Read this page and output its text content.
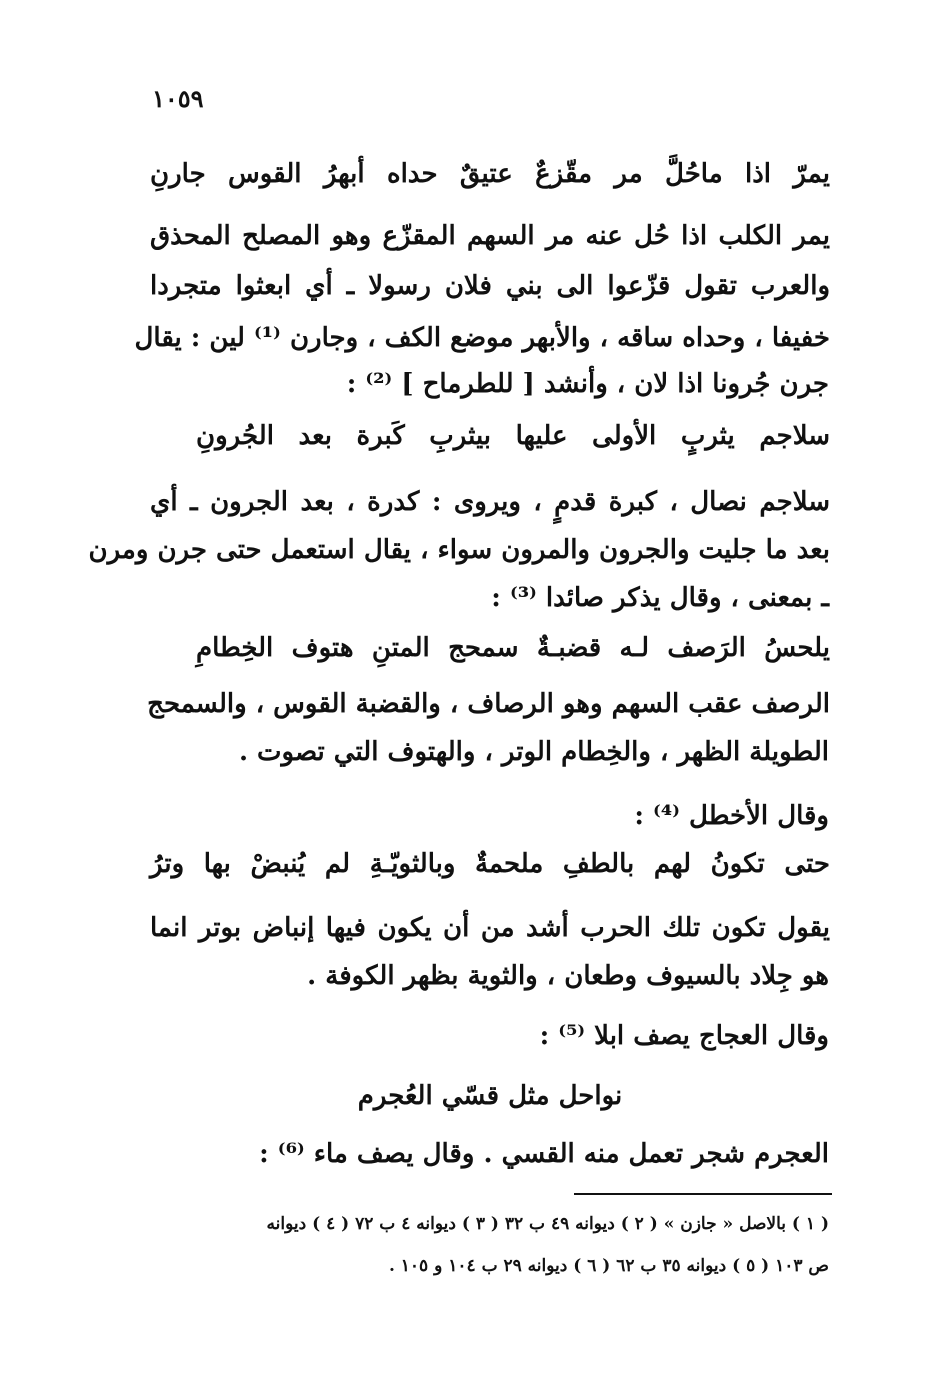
١٠٥٩
يمرّ اذا ماحُلَّ مر مقّزعٌ عتيقٌ حداه أبهرُ القوس جارنِ
يمر الكلب اذا حُل عنه مر السهم المقزّع وهو المصلح المحذق
والعرب تقول قزّعوا الى بني فلان رسولا ـ أي ابعثوا متجردا
خفيفا ، وحداه ساقه ، والأبهر موضع الكف ، وجارن ⁽¹⁾ لين : يقال
جرن جُرونا اذا لان ، وأنشد [ للطرماح ] ⁽²⁾ :
سلاجم يثربٍ الأولى عليها بيثربِ كَبرة بعد الجُرونِ
سلاجم نصال ، كبرة قدمٍ ، ويروى : كدرة ، بعد الجرون ـ أي
بعد ما جليت والجرون والمرون سواء ، يقال استعمل حتى جرن ومرن
ـ بمعنى ، وقال يذكر صائدا ⁽³⁾ :
يلحسُ الرَصف لـه قضبـةٌ سمحج المتنِ هتوف الخِطامِ
الرصف عقب السهم وهو الرصاف ، والقضبة القوس ، والسمحج
الطويلة الظهر ، والخِطام الوتر ، والهتوف التي تصوت .
وقال الأخطل ⁽⁴⁾ :
حتى تكونُ لهم بالطفِ ملحمةٌ وبالثويّـةِ لم يُنبضْ بها وترُ
يقول تكون تلك الحرب أشد من أن يكون فيها إنباض بوتر انما
هو جِلاد بالسيوف وطعان ، والثوية بظهر الكوفة .
وقال العجاج يصف ابلا ⁽⁵⁾ :
نواحل مثل قسّي العُجرم
العجرم شجر تعمل منه القسي . وقال يصف ماء ⁽⁶⁾ :
( ١ ) بالاصل « جازن » ( ٢ ) ديوانه ٤٩ ب ٣٢ ( ٣ ) ديوانه ٤ ب ٧٢ ( ٤ ) ديوانه
ص ١٠٣ ( ٥ ) ديوانه ٣٥ ب ٦٢ ( ٦ ) ديوانه ٢٩ ب ١٠٤ و ١٠٥ .
